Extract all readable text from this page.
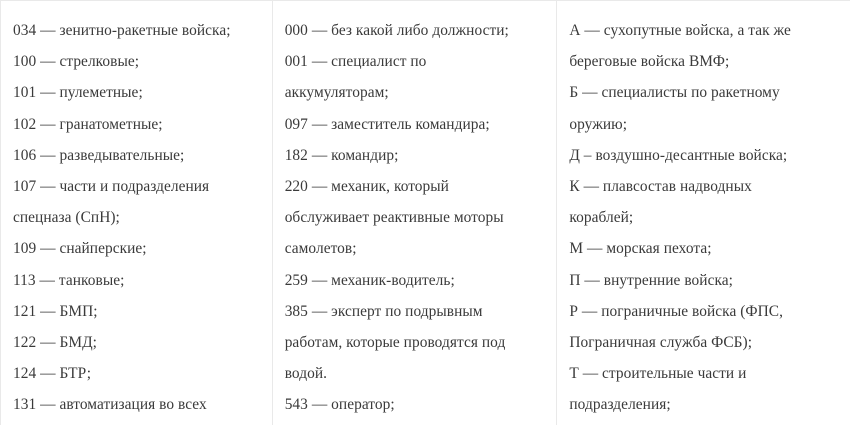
034 — зенитно-ракетные войска;
100 — стрелковые;
101 — пулеметные;
102 — гранатометные;
106 — разведывательные;
107 — части и подразделения
спецназа (СпН);
109 — снайперские;
113 — танковые;
121 — БМП;
122 — БМД;
124 — БТР;
131 — автоматизация во всех
000 — без какой либо должности;
001 — специалист по
аккумуляторам;
097 — заместитель командира;
182 — командир;
220 — механик, который
обслуживает реактивные моторы
самолетов;
259 — механик-водитель;
385 — эксперт по подрывным
работам, которые проводятся под
водой.
543 — оператор;
А — сухопутные войска, а так же
береговые войска ВМФ;
Б — специалисты по ракетному
оружию;
Д – воздушно-десантные войска;
К — плавсостав надводных
кораблей;
М — морская пехота;
П — внутренние войска;
Р — пограничные войска (ФПС,
Пограничная служба ФСБ);
Т — строительные части и
подразделения;
